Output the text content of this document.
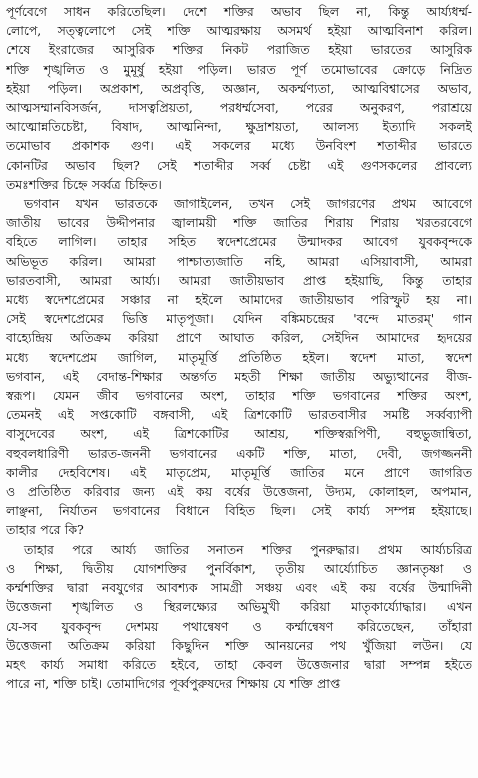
পূর্ণবেগে সাধন করিতেছিল। দেশে শক্তির অভাব ছিল না, কিন্তু আর্য্যধর্ম্ম-
লোপে, সত্ত্বলোপে সেই শক্তি আত্মরক্ষায় অসমর্থ হইয়া আত্মবিনাশ করিল।
শেষে ইংরাজের আসুরিক শক্তির নিকট পরাজিত হইয়া ভারতের আসুরিক
শক্তি শৃঙ্খলিত ও মুমূর্ষু হইয়া পড়িল। ভারত পূর্ণ তমোভাবের ক্রোড়ে নিদ্রিত
হইয়া পড়িল। অপ্রকাশ, অপ্রবৃত্তি, অজ্ঞান, অকর্ম্মণ্যতা, আত্মবিশ্বাসের অভাব,
আত্মসম্মানবিসর্জন, দাসত্বপ্রিয়তা, পরধর্ম্মসেবা, পরের অনুকরণ, পরাশ্রয়ে
আত্মোন্নতিচেষ্টা, বিষাদ, আত্মনিন্দা, ক্ষুদ্রাশয়তা, আলস্য ইত্যাদি সকলই
তমোভাব প্রকাশক গুণ। এই সকলের মধ্যে উনবিংশ শতাব্দীর ভারতে
কোনটির অভাব ছিল? সেই শতাব্দীর সর্ব্ব চেষ্টা এই গুণসকলের প্রাবল্যে
তমঃশক্তির চিহ্নে সর্ব্বত্র চিহ্নিত।

ভগবান যখন ভারতকে জাগাইলেন, তখন সেই জাগরণের প্রথম আবেগে
জাতীয় ভাবের উদ্দীপনার জ্বালাময়ী শক্তি জাতির শিরায় শিরায় খরতরবেগে
বহিতে লাগিল। তাহার সহিত স্বদেশপ্রেমের উন্মাদকর আবেগ যুবকবৃন্দকে
অভিভূত করিল। আমরা পাশ্চাত্যজাতি নহি, আমরা এসিয়াবাসী, আমরা
ভারতবাসী, আমরা আর্য্য। আমরা জাতীয়ভাব প্রাপ্ত হইয়াছি, কিন্তু তাহার
মধ্যে স্বদেশপ্রেমের সঞ্চার না হইলে আমাদের জাতীয়ভাব পরিস্ফুট হয় না।
সেই স্বদেশপ্রেমের ভিত্তি মাতৃপূজা। যেদিন বঙ্কিমচন্দ্রের 'বন্দে মাতরম্' গান
বাহ্যেন্দ্রিয় অতিক্রম করিয়া প্রাণে আঘাত করিল, সেইদিন আমাদের হৃদয়ের
মধ্যে স্বদেশপ্রেম জাগিল, মাতৃমূর্ত্তি প্রতিষ্ঠিত হইল। স্বদেশ মাতা, স্বদেশ
ভগবান, এই বেদান্ত-শিক্ষার অন্তর্গত মহতী শিক্ষা জাতীয় অভ্যুত্থানের বীজ-
স্বরূপ। যেমন জীব ভগবানের অংশ, তাহার শক্তি ভগবানের শক্তির অংশ,
তেমনই এই সপ্তকোটি বঙ্গবাসী, এই ত্রিশকোটি ভারতবাসীর সমষ্টি সর্ব্বব্যাপী
বাসুদেবের অংশ, এই ত্রিশকোটির আশ্রয়, শক্তিস্বরূপিণী, বহুভুজান্বিতা,
বহুবলধারিণী ভারত-জননী ভগবানের একটি শক্তি, মাতা, দেবী, জগজ্জননী
কালীর দেহবিশেষ। এই মাতৃপ্রেম, মাতৃমূর্ত্তি জাতির মনে প্রাণে জাগরিত
ও প্রতিষ্ঠিত করিবার জন্য এই কয় বর্ষের উত্তেজনা, উদ্যম, কোলাহল, অপমান,
লাঞ্ছনা, নির্যাতন ভগবানের বিধানে বিহিত ছিল। সেই কার্য্য সম্পন্ন হইয়াছে।
তাহার পরে কি?

তাহার পরে আর্য্য জাতির সনাতন শক্তির পুনরুদ্ধার। প্রথম আর্য্যচরিত্র
ও শিক্ষা, দ্বিতীয় যোগশক্তির পুনর্বিকাশ, তৃতীয় আর্য্যোচিত জ্ঞানতৃষ্ণা ও
কর্ম্মশক্তির দ্বারা নবযুগের আবশ্যক সামগ্রী সঞ্চয় এবং এই কয় বর্ষের উন্মাদিনী
উত্তেজনা শৃঙ্খলিত ও স্থিরলক্ষ্যের অভিমুখী করিয়া মাতৃকার্য্যোদ্ধার। এখন
যে-সব যুবকবৃন্দ দেশময় পথান্বেষণ ও কর্ম্মান্বেষণ করিতেছেন, তাঁহারা
উত্তেজনা অতিক্রম করিয়া কিছুদিন শক্তি আনয়নের পথ খুঁজিয়া লউন। যে
মহৎ কার্য্য সমাধা করিতে হইবে, তাহা কেবল উত্তেজনার দ্বারা সম্পন্ন হইতে
পারে না, শক্তি চাই। তোমাদিগের পূর্ব্বপুরুষদের শিক্ষায় যে শক্তি প্রাপ্ত
